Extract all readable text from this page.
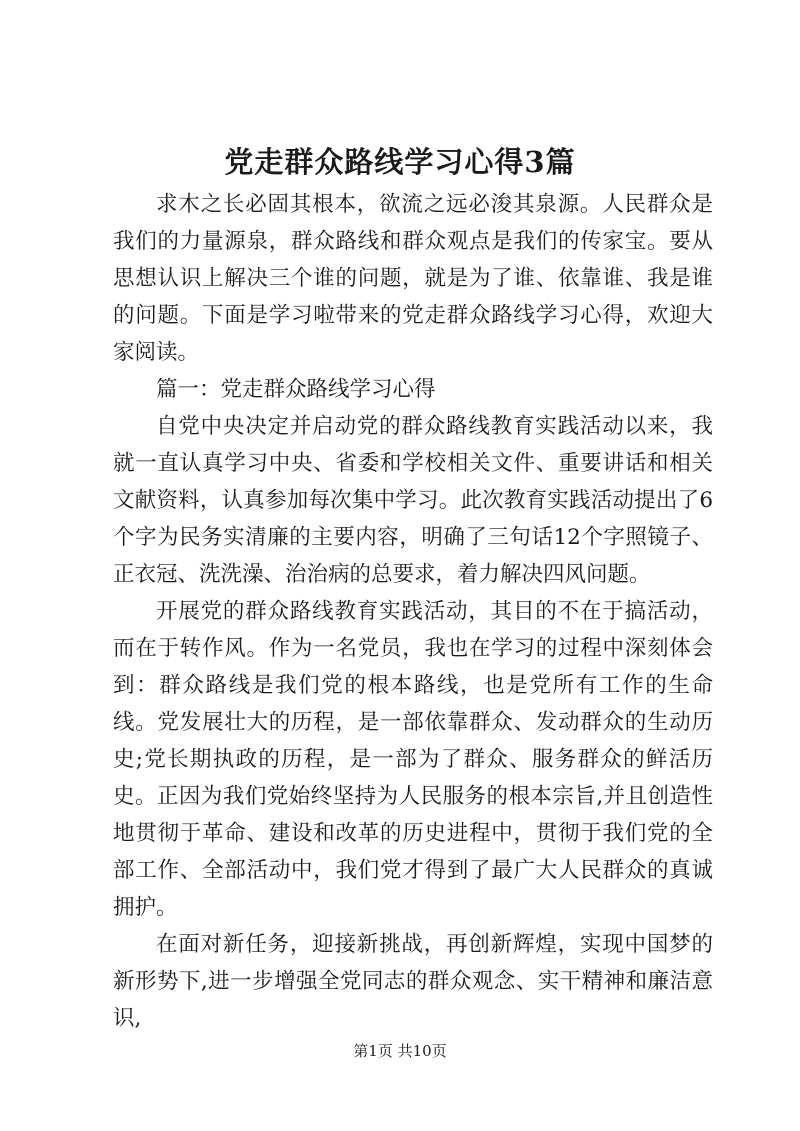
党走群众路线学习心得3篇

求木之长必固其根本，欲流之远必浚其泉源。人民群众是我们的力量源泉，群众路线和群众观点是我们的传家宝。要从思想认识上解决三个谁的问题，就是为了谁、依靠谁、我是谁的问题。下面是学习啦带来的党走群众路线学习心得，欢迎大家阅读。

篇一：党走群众路线学习心得

自党中央决定并启动党的群众路线教育实践活动以来，我就一直认真学习中央、省委和学校相关文件、重要讲话和相关文献资料，认真参加每次集中学习。此次教育实践活动提出了6个字为民务实清廉的主要内容，明确了三句话12个字照镜子、正衣冠、洗洗澡、治治病的总要求，着力解决四风问题。

开展党的群众路线教育实践活动，其目的不在于搞活动，而在于转作风。作为一名党员，我也在学习的过程中深刻体会到：群众路线是我们党的根本路线，也是党所有工作的生命线。党发展壮大的历程，是一部依靠群众、发动群众的生动历史;党长期执政的历程，是一部为了群众、服务群众的鲜活历史。正因为我们党始终坚持为人民服务的根本宗旨,并且创造性地贯彻于革命、建设和改革的历史进程中，贯彻于我们党的全部工作、全部活动中，我们党才得到了最广大人民群众的真诚拥护。

在面对新任务，迎接新挑战，再创新辉煌，实现中国梦的新形势下,进一步增强全党同志的群众观念、实干精神和廉洁意识,

第1页 共10页
